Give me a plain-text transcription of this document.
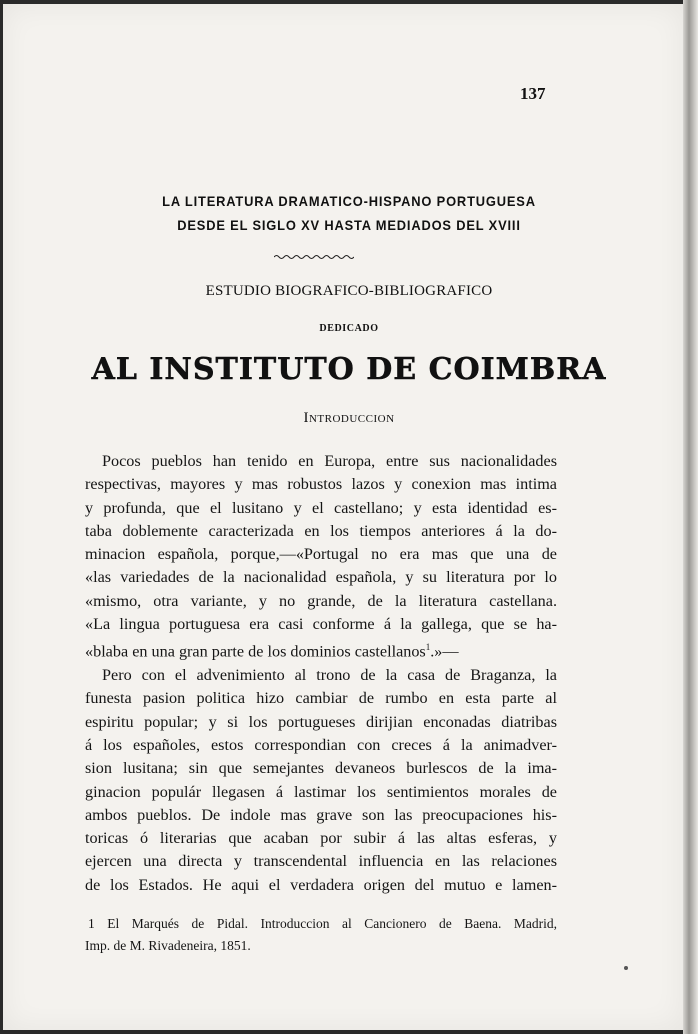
137
LA LITERATURA DRAMATICO-HISPANO PORTUGUESA
DESDE EL SIGLO XV HASTA MEDIADOS DEL XVIII
ESTUDIO BIOGRAFICO-BIBLIOGRAFICO
DEDICADO
AL INSTITUTO DE COIMBRA
Introduccion
Pocos pueblos han tenido en Europa, entre sus nacionalidades
respectivas, mayores y mas robustos lazos y conexion mas intima
y profunda, que el lusitano y el castellano; y esta identidad es-
taba doblemente caracterizada en los tiempos anteriores á la do-
minacion española, porque,—«Portugal no era mas que una de
«las variedades de la nacionalidad española, y su literatura por lo
«mismo, otra variante, y no grande, de la literatura castellana.
«La lingua portuguesa era casi conforme á la gallega, que se ha-
«blaba en una gran parte de los dominios castellanos$^1$.»—
Pero con el advenimiento al trono de la casa de Braganza, la
funesta pasion politica hizo cambiar de rumbo en esta parte al
espiritu popular; y si los portugueses dirijian enconadas diatribas
á los españoles, estos correspondian con creces á la animadver-
sion lusitana; sin que semejantes devaneos burlescos de la ima-
ginacion populár llegasen á lastimar los sentimientos morales de
ambos pueblos. De indole mas grave son las preocupaciones his-
toricas ó literarias que acaban por subir á las altas esferas, y
ejercen una directa y transcendental influencia en las relaciones
de los Estados. He aqui el verdadera origen del mutuo e lamen-
1 El Marqués de Pidal. Introduccion al Cancionero de Baena. Madrid,
Imp. de M. Rivadeneira, 1851.
